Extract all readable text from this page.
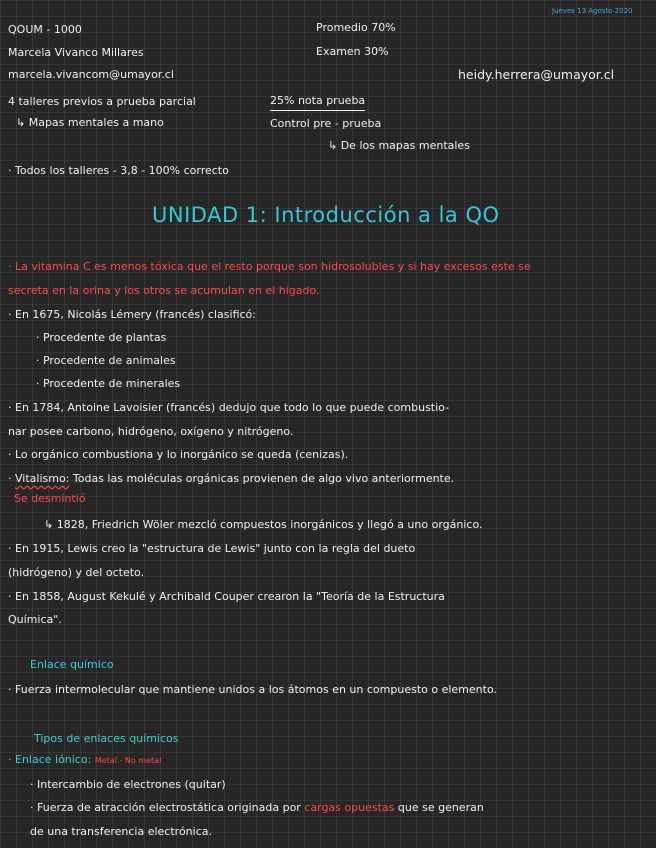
Jueves 13 Agosto 2020
QOUM - 1000
Marcela Vivanco Millares
marcela.vivancom@umayor.cl
Promedio 70%
Examen 30%
heidy.herrera@umayor.cl
4 talleres previos a prueba parcial
↳ Mapas mentales a mano
25% nota prueba
Control pre - prueba
↳ De los mapas mentales
· Todos los talleres - 3,8 - 100% correcto
UNIDAD 1: Introducción a la QO
· La vitamina C es menos tóxica que el resto porque son hidrosolubles y si hay excesos este se
secreta en la orina y los otros se acumulan en el hígado.
· En 1675, Nicolás Lémery (francés) clasificó:
· Procedente de plantas
· Procedente de animales
· Procedente de minerales
· En 1784, Antoine Lavoisier (francés) dedujo que todo lo que puede combustio-
nar posee carbono, hidrógeno, oxígeno y nitrógeno.
· Lo orgánico combustiona y lo inorgánico se queda (cenizas).
· Vitalismo: Todas las moléculas orgánicas provienen de algo vivo anteriormente.
Se desmintió
↳ 1828, Friedrich Wöler mezcló compuestos inorgánicos y llegó a uno orgánico.
· En 1915, Lewis creo la "estructura de Lewis" junto con la regla del dueto
(hidrógeno) y del octeto.
· En 1858, August Kekulé y Archibald Couper crearon la "Teoría de la Estructura
Química".
Enlace químico
· Fuerza intermolecular que mantiene unidos a los átomos en un compuesto o elemento.
Tipos de enlaces químicos
· Enlace iónico: Metal - No metal
· Intercambio de electrones (quitar)
· Fuerza de atracción electrostática originada por cargas opuestas que se generan
de una transferencia electrónica.
